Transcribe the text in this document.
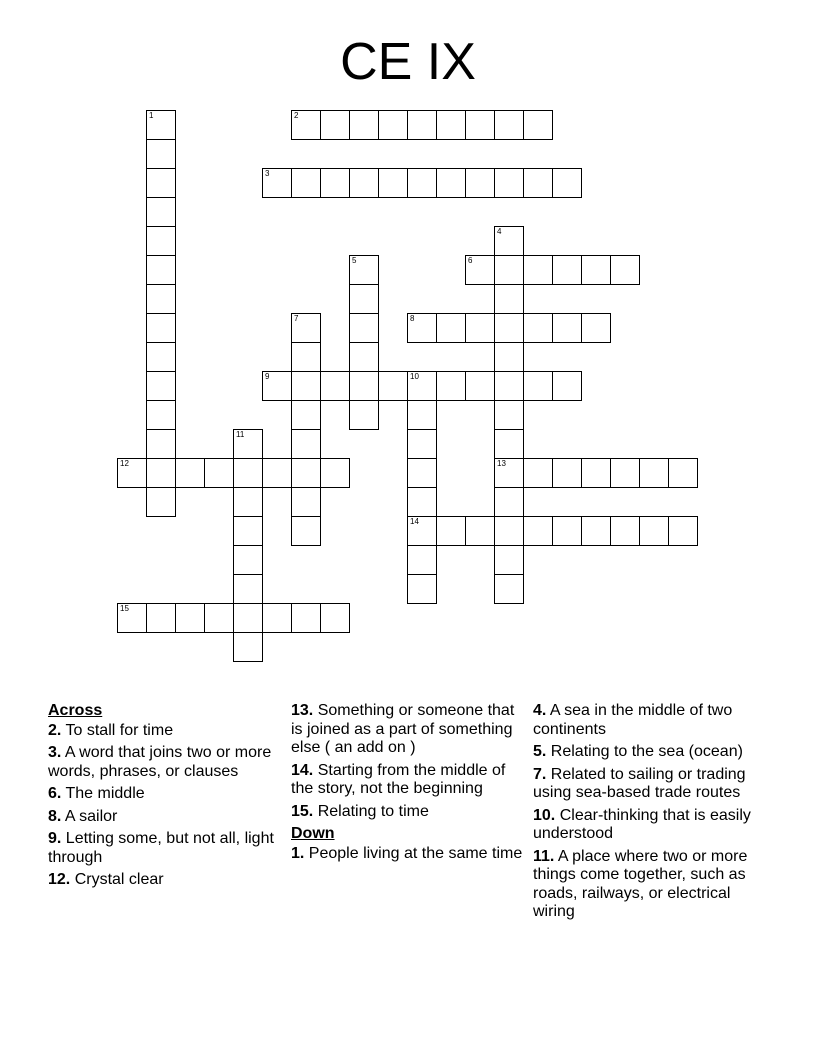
CE IX
1	2
3
4
13
5	6
7	8
9	10
14
11
12
15
Across
2. To stall for time
3. A word that joins two or more words, phrases, or clauses
6. The middle
8. A sailor
9. Letting some, but not all, light through
12. Crystal clear
13. Something or someone that is joined as a part of something else ( an add on )
14. Starting from the middle of the story, not the beginning
15. Relating to time
Down
1. People living at the same time
4. A sea in the middle of two continents
5. Relating to the sea (ocean)
7. Related to sailing or trading using sea-based trade routes
10. Clear-thinking that is easily understood
11. A place where two or more things come together, such as roads, railways, or electrical wiring
